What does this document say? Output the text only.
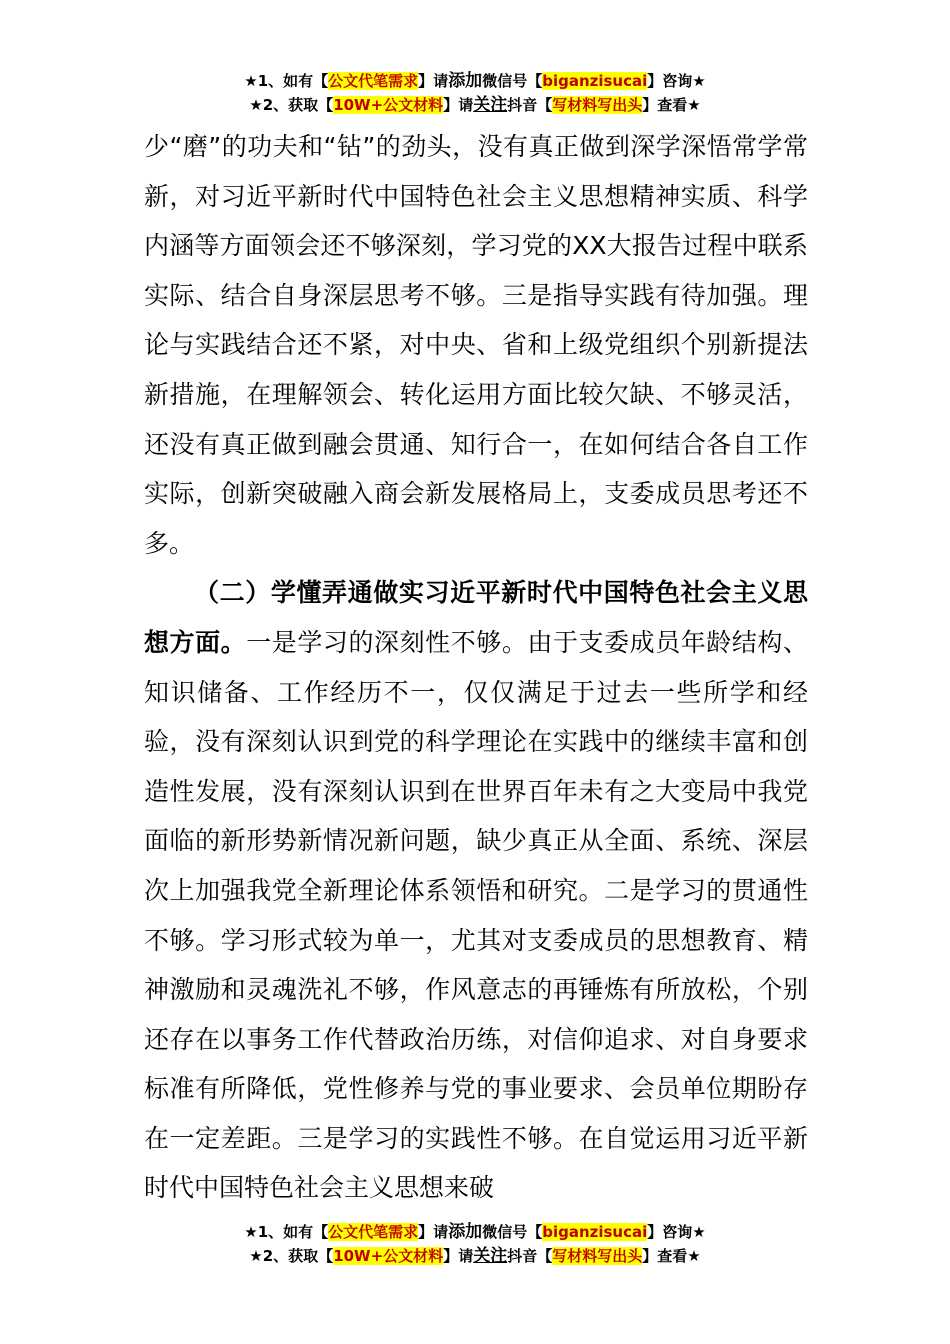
★1、如有【公文代笔需求】请添加微信号【biganzisucai】咨询★
★2、获取【10W+公文材料】请关注抖音【写材料写出头】查看★

少“磨”的功夫和“钻”的劲头，没有真正做到深学深悟常学常新，对习近平新时代中国特色社会主义思想精神实质、科学内涵等方面领会还不够深刻，学习党的XX大报告过程中联系实际、结合自身深层思考不够。三是指导实践有待加强。理论与实践结合还不紧，对中央、省和上级党组织个别新提法新措施，在理解领会、转化运用方面比较欠缺、不够灵活，还没有真正做到融会贯通、知行合一，在如何结合各自工作实际，创新突破融入商会新发展格局上，支委成员思考还不多。

（二）学懂弄通做实习近平新时代中国特色社会主义思想方面。一是学习的深刻性不够。由于支委成员年龄结构、知识储备、工作经历不一，仅仅满足于过去一些所学和经验，没有深刻认识到党的科学理论在实践中的继续丰富和创造性发展，没有深刻认识到在世界百年未有之大变局中我党面临的新形势新情况新问题，缺少真正从全面、系统、深层次上加强我党全新理论体系领悟和研究。二是学习的贯通性不够。学习形式较为单一，尤其对支委成员的思想教育、精神激励和灵魂洗礼不够，作风意志的再锤炼有所放松，个别还存在以事务工作代替政治历练，对信仰追求、对自身要求标准有所降低，党性修养与党的事业要求、会员单位期盼存在一定差距。三是学习的实践性不够。在自觉运用习近平新时代中国特色社会主义思想来破

★1、如有【公文代笔需求】请添加微信号【biganzisucai】咨询★
★2、获取【10W+公文材料】请关注抖音【写材料写出头】查看★
